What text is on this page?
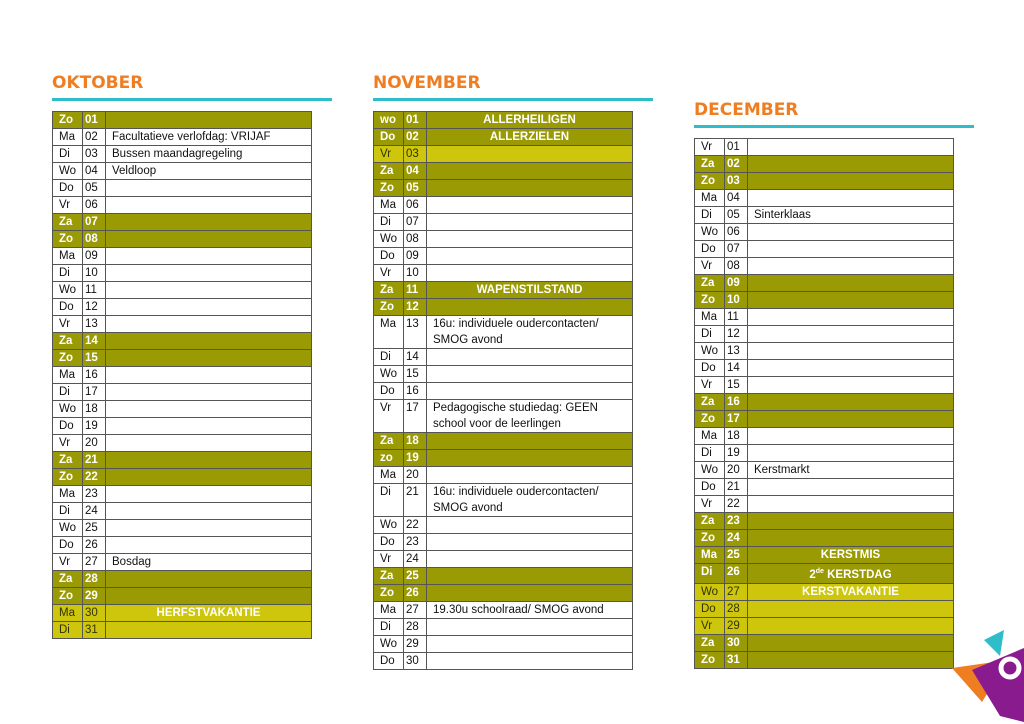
OKTOBER
Zo	01	
Ma	02	Facultatieve verlofdag: VRIJAF
Di	03	Bussen maandagregeling
Wo	04	Veldloop
Do	05	
Vr	06	
Za	07	
Zo	08	
Ma	09	
Di	10	
Wo	11	
Do	12	
Vr	13	
Za	14	
Zo	15	
Ma	16	
Di	17	
Wo	18	
Do	19	
Vr	20	
Za	21	
Zo	22	
Ma	23	
Di	24	
Wo	25	
Do	26	
Vr	27	Bosdag
Za	28	
Zo	29	
Ma	30	HERFSTVAKANTIE
Di	31	
NOVEMBER
wo	01	ALLERHEILIGEN
Do	02	ALLERZIELEN
Vr	03	
Za	04	
Zo	05	
Ma	06	
Di	07	
Wo	08	
Do	09	
Vr	10	
Za	11	WAPENSTILSTAND
Zo	12	
Ma	13	16u: individuele oudercontacten/ SMOG avond
Di	14	
Wo	15	
Do	16	
Vr	17	Pedagogische studiedag: GEEN school voor de leerlingen
Za	18	
zo	19	
Ma	20	
Di	21	16u: individuele oudercontacten/ SMOG avond
Wo	22	
Do	23	
Vr	24	
Za	25	
Zo	26	
Ma	27	19.30u schoolraad/ SMOG avond
Di	28	
Wo	29	
Do	30	
DECEMBER
Vr	01	
Za	02	
Zo	03	
Ma	04	
Di	05	Sinterklaas
Wo	06	
Do	07	
Vr	08	
Za	09	
Zo	10	
Ma	11	
Di	12	
Wo	13	
Do	14	
Vr	15	
Za	16	
Zo	17	
Ma	18	
Di	19	
Wo	20	Kerstmarkt
Do	21	
Vr	22	
Za	23	
Zo	24	
Ma	25	KERSTMIS
Di	26	2de KERSTDAG
Wo	27	KERSTVAKANTIE
Do	28	
Vr	29	
Za	30	
Zo	31	
